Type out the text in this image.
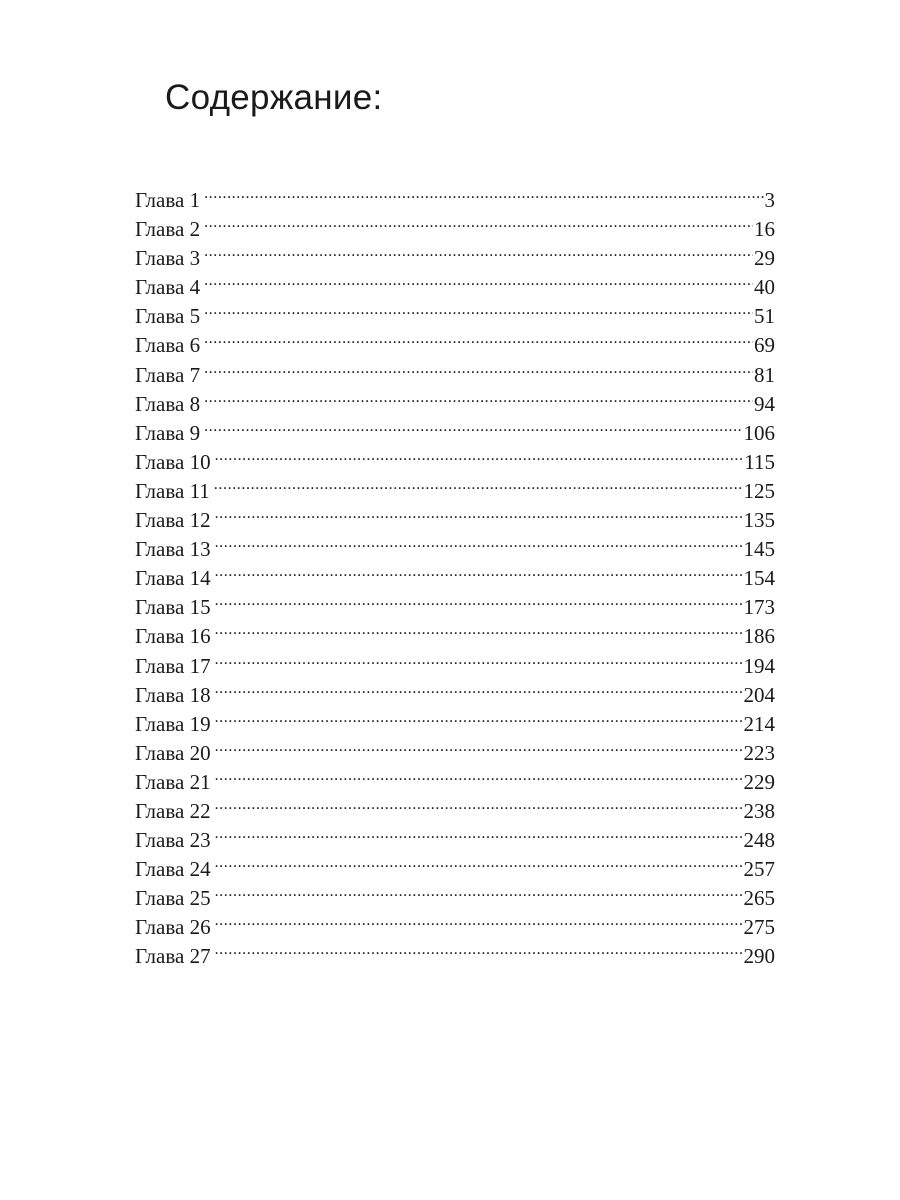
Содержание:
Глава 1 .....	3
Глава 2 .....	16
Глава 3 .....	29
Глава 4 .....	40
Глава 5 .....	51
Глава 6 .....	69
Глава 7 .....	81
Глава 8 .....	94
Глава 9 .....	106
Глава 10 .....	115
Глава 11 .....	125
Глава 12 .....	135
Глава 13 .....	145
Глава 14 .....	154
Глава 15 .....	173
Глава 16 .....	186
Глава 17 .....	194
Глава 18 .....	204
Глава 19 .....	214
Глава 20 .....	223
Глава 21 .....	229
Глава 22 .....	238
Глава 23 .....	248
Глава 24 .....	257
Глава 25 .....	265
Глава 26 .....	275
Глава 27 .....	290
